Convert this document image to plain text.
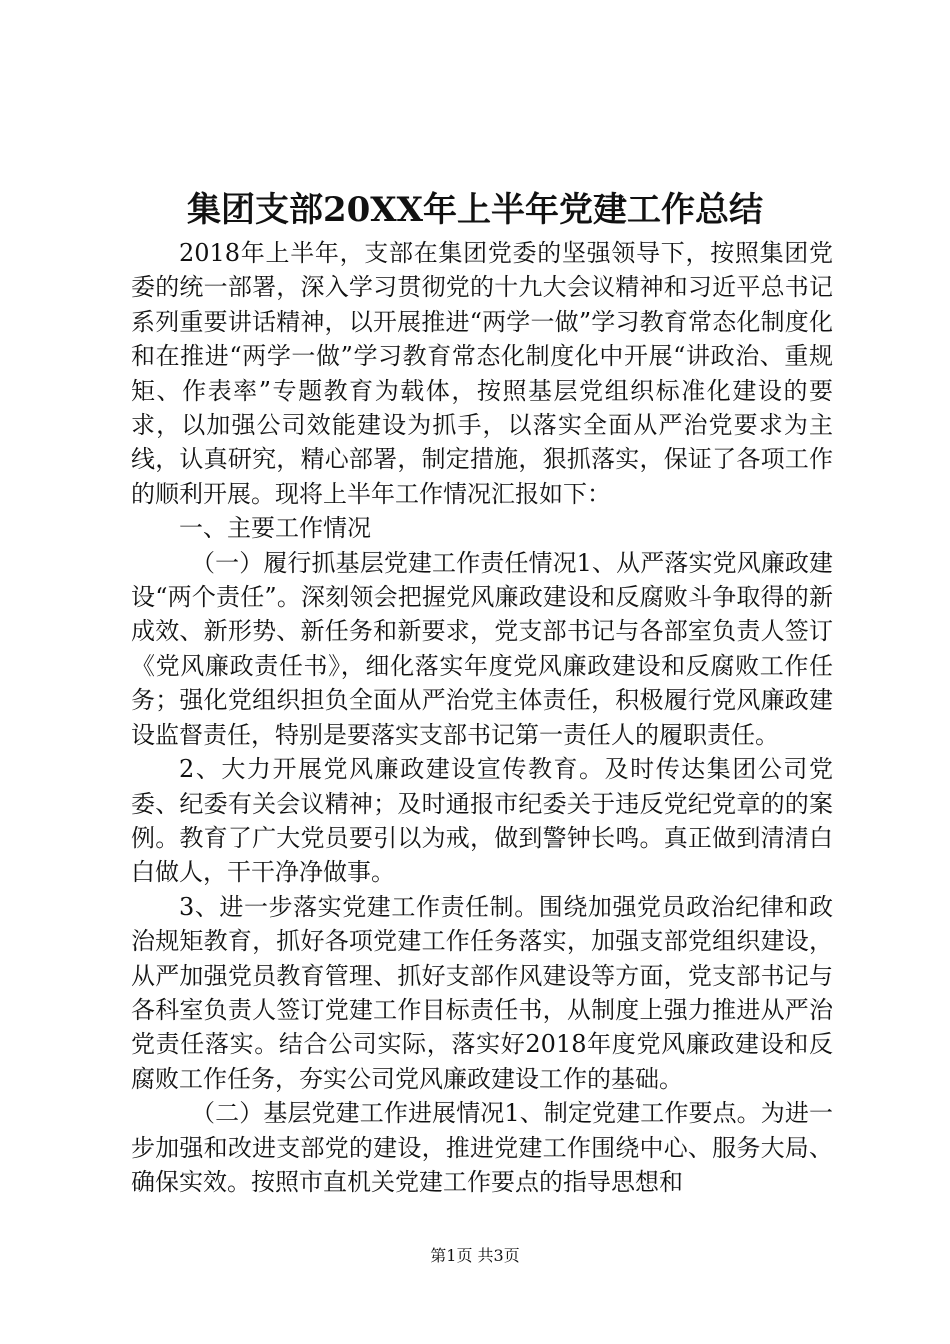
集团支部20XX年上半年党建工作总结

2018年上半年，支部在集团党委的坚强领导下，按照集团党委的统一部署，深入学习贯彻党的十九大会议精神和习近平总书记系列重要讲话精神，以开展推进“两学一做”学习教育常态化制度化和在推进“两学一做”学习教育常态化制度化中开展“讲政治、重规矩、作表率”专题教育为载体，按照基层党组织标准化建设的要求，以加强公司效能建设为抓手，以落实全面从严治党要求为主线，认真研究，精心部署，制定措施，狠抓落实，保证了各项工作的顺利开展。现将上半年工作情况汇报如下：

一、主要工作情况

（一）履行抓基层党建工作责任情况1、从严落实党风廉政建设“两个责任”。深刻领会把握党风廉政建设和反腐败斗争取得的新成效、新形势、新任务和新要求，党支部书记与各部室负责人签订《党风廉政责任书》，细化落实年度党风廉政建设和反腐败工作任务；强化党组织担负全面从严治党主体责任，积极履行党风廉政建设监督责任，特别是要落实支部书记第一责任人的履职责任。

2、大力开展党风廉政建设宣传教育。及时传达集团公司党委、纪委有关会议精神；及时通报市纪委关于违反党纪党章的的案例。教育了广大党员要引以为戒，做到警钟长鸣。真正做到清清白白做人，干干净净做事。

3、进一步落实党建工作责任制。围绕加强党员政治纪律和政治规矩教育，抓好各项党建工作任务落实，加强支部党组织建设，从严加强党员教育管理、抓好支部作风建设等方面，党支部书记与各科室负责人签订党建工作目标责任书，从制度上强力推进从严治党责任落实。结合公司实际，落实好2018年度党风廉政建设和反腐败工作任务，夯实公司党风廉政建设工作的基础。

（二）基层党建工作进展情况1、制定党建工作要点。为进一步加强和改进支部党的建设，推进党建工作围绕中心、服务大局、确保实效。按照市直机关党建工作要点的指导思想和

第1页 共3页
